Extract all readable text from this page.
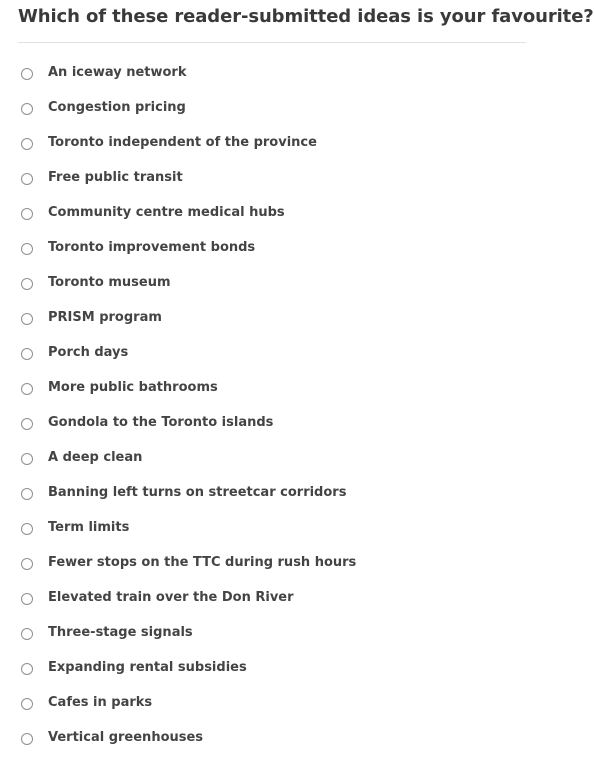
Which of these reader-submitted ideas is your favourite?
An iceway network
Congestion pricing
Toronto independent of the province
Free public transit
Community centre medical hubs
Toronto improvement bonds
Toronto museum
PRISM program
Porch days
More public bathrooms
Gondola to the Toronto islands
A deep clean
Banning left turns on streetcar corridors
Term limits
Fewer stops on the TTC during rush hours
Elevated train over the Don River
Three-stage signals
Expanding rental subsidies
Cafes in parks
Vertical greenhouses
